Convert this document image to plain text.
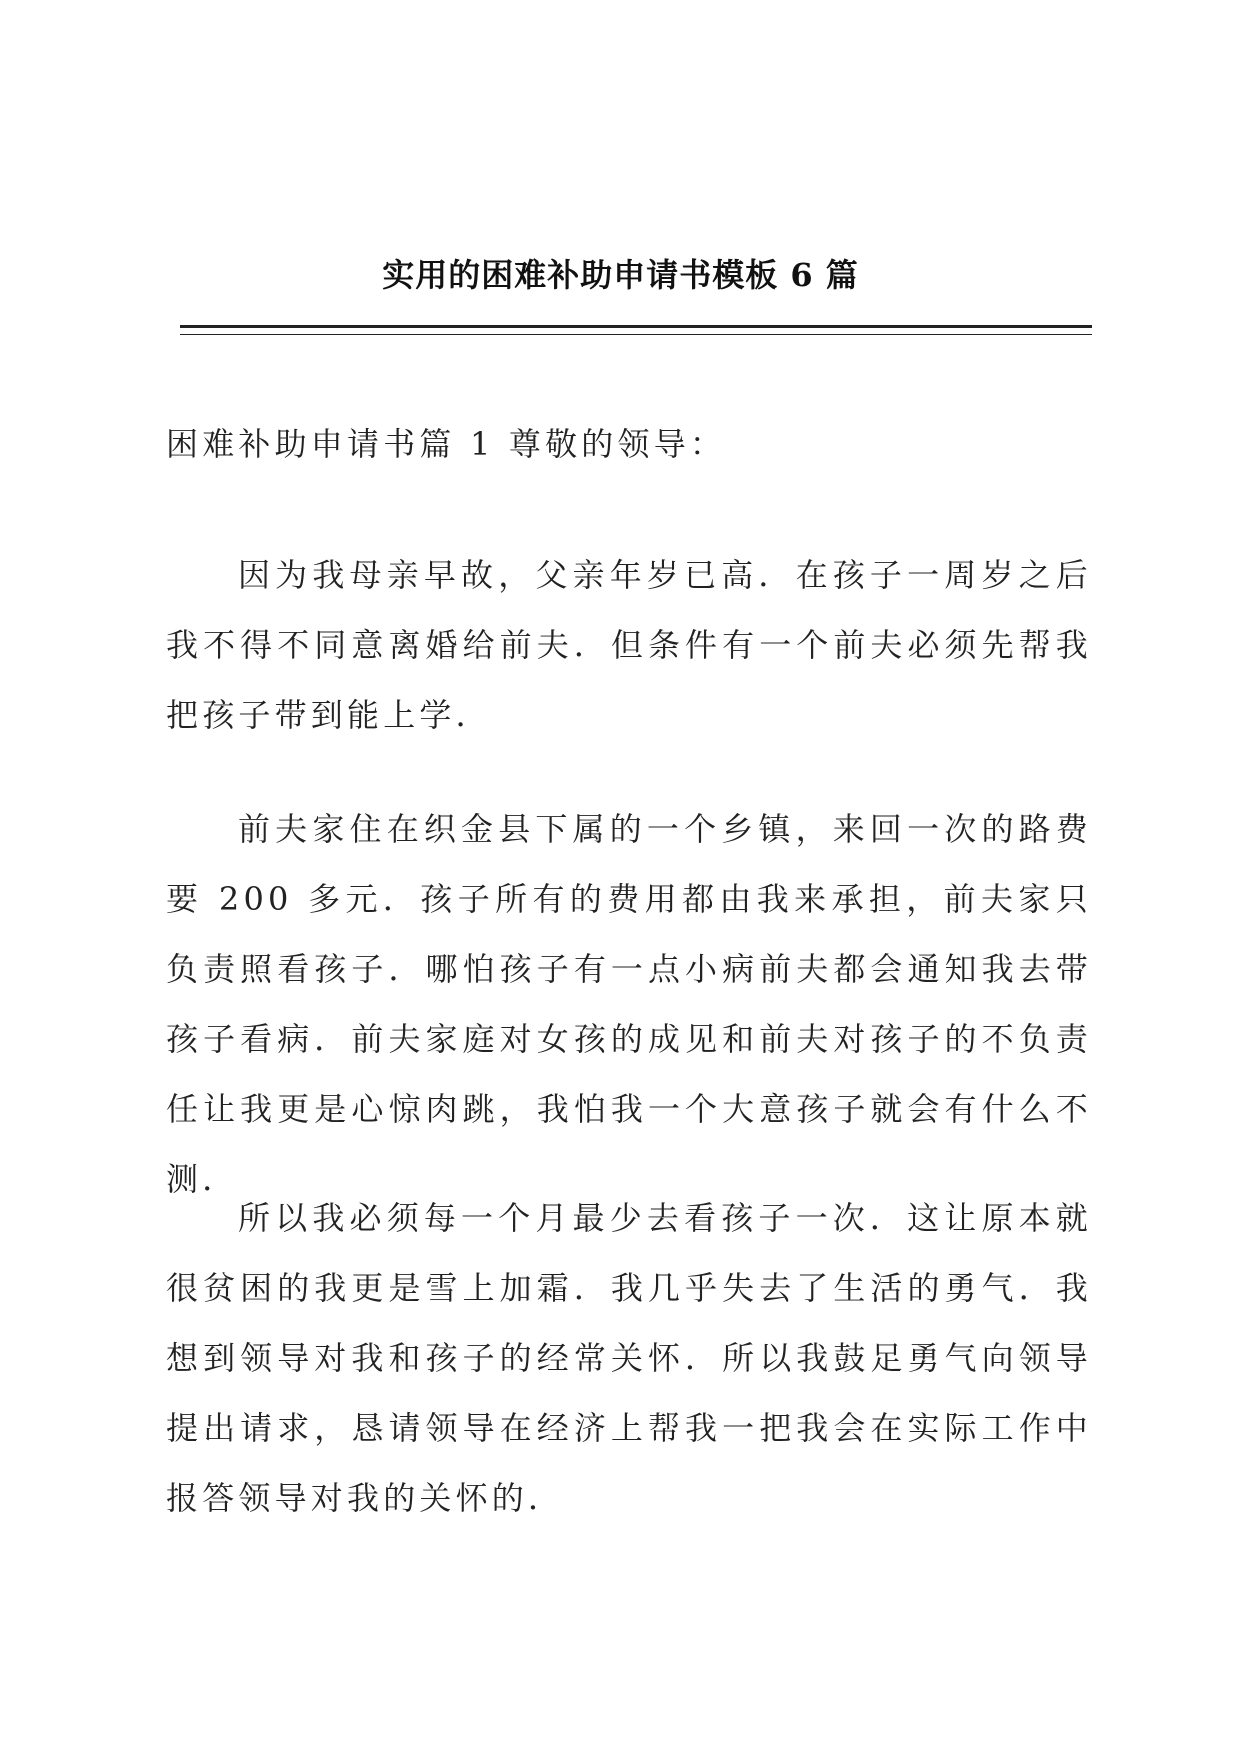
实用的困难补助申请书模板 6 篇

困难补助申请书篇 1 尊敬的领导：

因为我母亲早故，父亲年岁已高．在孩子一周岁之后我不得不同意离婚给前夫．但条件有一个前夫必须先帮我把孩子带到能上学．

前夫家住在织金县下属的一个乡镇，来回一次的路费要 200 多元．孩子所有的费用都由我来承担，前夫家只负责照看孩子．哪怕孩子有一点小病前夫都会通知我去带孩子看病．前夫家庭对女孩的成见和前夫对孩子的不负责任让我更是心惊肉跳，我怕我一个大意孩子就会有什么不测．

所以我必须每一个月最少去看孩子一次．这让原本就很贫困的我更是雪上加霜．我几乎失去了生活的勇气．我想到领导对我和孩子的经常关怀．所以我鼓足勇气向领导提出请求，恳请领导在经济上帮我一把我会在实际工作中报答领导对我的关怀的．
